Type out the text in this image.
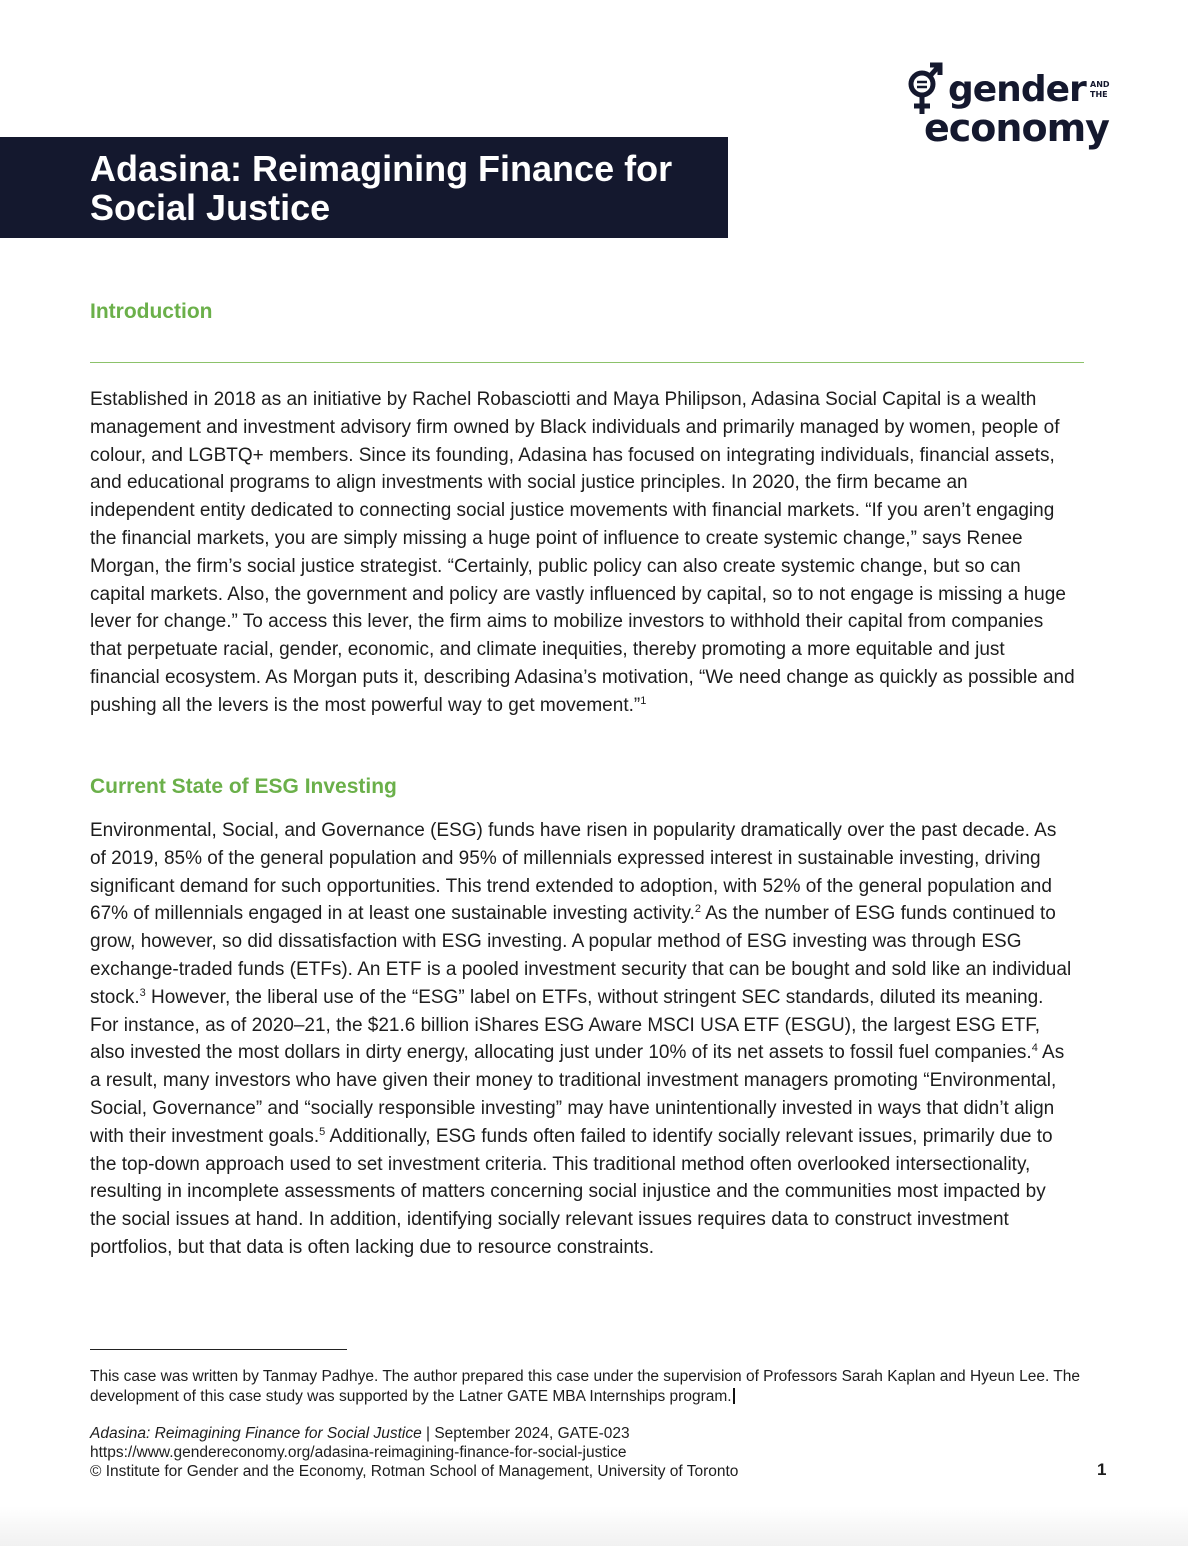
gender AND
THE
economy
Adasina: Reimagining Finance for Social Justice
Introduction

Established in 2018 as an initiative by Rachel Robasciotti and Maya Philipson, Adasina Social Capital is a wealth management and investment advisory firm owned by Black individuals and primarily managed by women, people of colour, and LGBTQ+ members. Since its founding, Adasina has focused on integrating individuals, financial assets, and educational programs to align investments with social justice principles. In 2020, the firm became an independent entity dedicated to connecting social justice movements with financial markets. “If you aren’t engaging the financial markets, you are simply missing a huge point of influence to create systemic change,” says Renee Morgan, the firm’s social justice strategist. “Certainly, public policy can also create systemic change, but so can capital markets. Also, the government and policy are vastly influenced by capital, so to not engage is missing a huge lever for change.” To access this lever, the firm aims to mobilize investors to withhold their capital from companies that perpetuate racial, gender, economic, and climate inequities, thereby promoting a more equitable and just financial ecosystem. As Morgan puts it, describing Adasina’s motivation, “We need change as quickly as possible and pushing all the levers is the most powerful way to get movement.”$^1$

Current State of ESG Investing

Environmental, Social, and Governance (ESG) funds have risen in popularity dramatically over the past decade. As of 2019, 85% of the general population and 95% of millennials expressed interest in sustainable investing, driving significant demand for such opportunities. This trend extended to adoption, with 52% of the general population and 67% of millennials engaged in at least one sustainable investing activity.$^2$ As the number of ESG funds continued to grow, however, so did dissatisfaction with ESG investing. A popular method of ESG investing was through ESG exchange-traded funds (ETFs). An ETF is a pooled investment security that can be bought and sold like an individual stock.$^3$ However, the liberal use of the “ESG” label on ETFs, without stringent SEC standards, diluted its meaning. For instance, as of 2020–21, the $21.6 billion iShares ESG Aware MSCI USA ETF (ESGU), the largest ESG ETF, also invested the most dollars in dirty energy, allocating just under 10% of its net assets to fossil fuel companies.$^4$ As a result, many investors who have given their money to traditional investment managers promoting “Environmental, Social, Governance” and “socially responsible investing” may have unintentionally invested in ways that didn’t align with their investment goals.$^5$ Additionally, ESG funds often failed to identify socially relevant issues, primarily due to the top-down approach used to set investment criteria. This traditional method often overlooked intersectionality, resulting in incomplete assessments of matters concerning social injustice and the communities most impacted by the social issues at hand. In addition, identifying socially relevant issues requires data to construct investment portfolios, but that data is often lacking due to resource constraints.

This case was written by Tanmay Padhye. The author prepared this case under the supervision of Professors Sarah Kaplan and Hyeun Lee. The development of this case study was supported by the Latner GATE MBA Internships program.

Adasina: Reimagining Finance for Social Justice | September 2024, GATE-023
https://www.gendereconomy.org/adasina-reimagining-finance-for-social-justice
© Institute for Gender and the Economy, Rotman School of Management, University of Toronto	1
